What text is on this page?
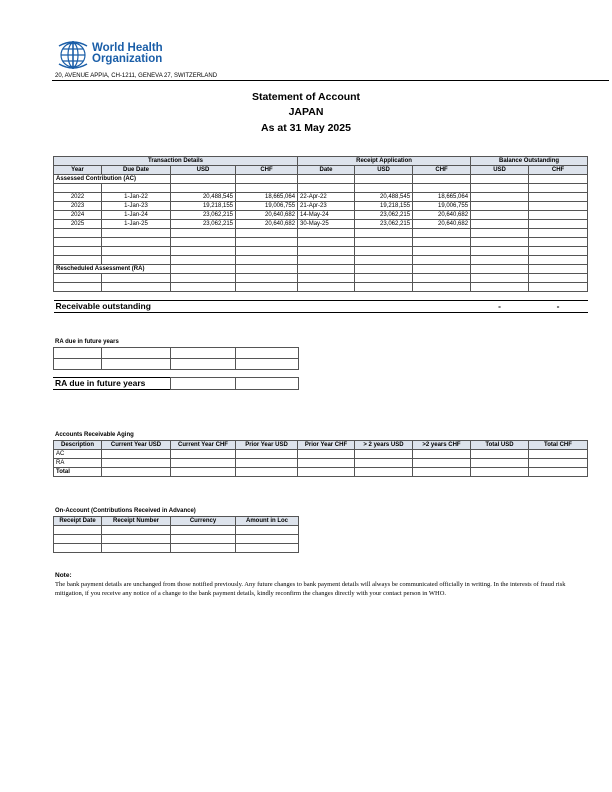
World Health
Organization
20, AVENUE APPIA, CH-1211, GENEVA 27, SWITZERLAND
Statement of Account
JAPAN
As at 31 May 2025
Transaction Details				Receipt Application			Balance Outstanding	
Year	Due Date	USD	CHF	Date	USD	CHF	USD	CHF
Assessed Contribution (AC)								

2022	1-Jan-22	20,488,545	18,665,064	22-Apr-22	20,488,545	18,665,064		
2023	1-Jan-23	19,218,155	19,006,755	21-Apr-23	19,218,155	19,006,755		
2024	1-Jan-24	23,062,215	20,640,682	14-May-24	23,062,215	20,640,682		
2025	1-Jan-25	23,062,215	20,640,682	30-May-25	23,062,215	20,640,682		

Rescheduled Assessment (RA)								

Receivable outstanding							-	-
RA due in future years

RA due in future years		
Accounts Receivable Aging
Description	Current Year USD	Current Year CHF	Prior Year USD	Prior Year CHF	> 2 years USD	>2 years CHF	Total USD	Total CHF
AC								
RA								
Total								
On-Account (Contributions Received in Advance)
Receipt Date	Receipt Number	Currency	Amount in Loc

Note:
The bank payment details are unchanged from those notified previously. Any future changes to bank payment details will always be communicated officially in writing. In the interests of fraud risk mitigation, if you receive any notice of a change to the bank payment details, kindly reconfirm the changes directly with your contact person in WHO.
